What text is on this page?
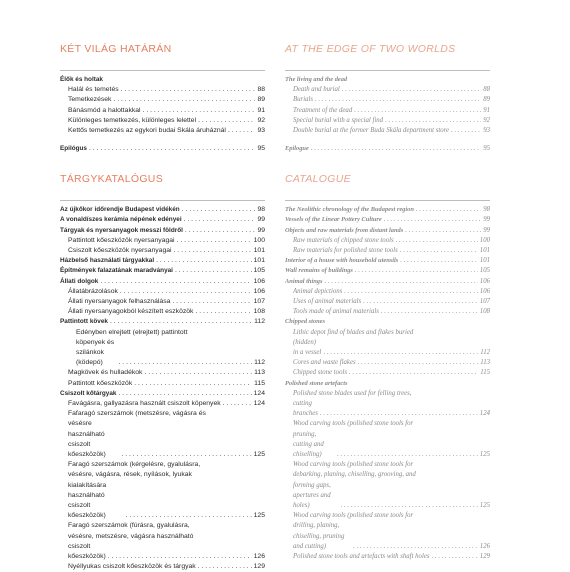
KÉT VILÁG HATÁRÁN
Élők és holtak
Halál és temetés . . .	88
Temetkezések . . .	89
Bánásmód a halottakkal . . .	91
Különleges temetkezés, különleges lelettel . . .	92
Kettős temetkezés az egykori budai Skála áruháznál . . .	93
Epilógus . . .	95
TÁRGYKATALÓGUS
Az újkőkor időrendje Budapest vidékén . . .	98
A vonaldíszes kerámia népének edényei . . .	99
Tárgyak és nyersanyagok messzi földről . . .	99
Pattintott kőeszközök nyersanyagai . . .	100
Csiszolt kőeszközök nyersanyagai . . .	101
Házbelső használati tárgyakkal . . .	101
Építmények falazatának maradványai . . .	105
Állati dolgok . . .	106
Állatábrázolások . . .	106
Állati nyersanyagok felhasználása . . .	107
Állati nyersanyagokból készített eszközök . . .	108
Pattintott kövek . . .	112
Edényben elrejtett (elrejtett) pattintott
köpenyek és szilánkok (ködepó) . . .	112
Magkövek és hulladékok . . .	113
Pattintott kőeszközök . . .	115
Csiszolt kőtárgyak . . .	124
Favágásra, gallyazásra használt csiszolt köpenyek . . .	124
Fafaragó szerszámok (metszésre, vágásra és
vésésre használható csiszolt kőeszközök) . . .	125
Faragó szerszámok (kérgelésre, gyalulásra,
vésésre, vágásra, rések, nyílások, lyukak
kialakítására használható csiszolt kőeszközök) . . .	125
Faragó szerszámok (fúrásra, gyalulásra,
vésésre, metszésre, vágásra használható
csiszolt kőeszközök) . . .	126
Nyéllyukas csiszolt kőeszközök és tárgyak . . .	129
AT THE EDGE OF TWO WORLDS
The living and the dead
Death and burial . . .	88
Burials . . .	89
Treatment of the dead . . .	91
Special burial with a special find . . .	92
Double burial at the former Buda Skála department store . . .	93
Epilogue . . .	95
CATALOGUE
The Neolithic chronology of the Budapest region . . .	98
Vessels of the Linear Pottery Culture . . .	99
Objects and raw materials from distant lands . . .	99
Raw materials of chipped stone tools . . .	100
Raw materials for polished stone tools . . .	101
Interior of a house with household utensils . . .	101
Wall remains of buildings . . .	105
Animal things . . .	106
Animal depictions . . .	106
Uses of animal materials . . .	107
Tools made of animal materials . . .	108
Chipped stones
Lithic depot find of blades and flakes buried
(hidden) in a vessel . . .	112
Cores and waste flakes . . .	113
Chipped stone tools . . .	115
Polished stone artefacts
Polished stone blades used for felling trees,
cutting branches . . .	124
Wood carving tools (polished stone tools for
pruning, cutting and chiselling) . . .	125
Wood carving tools (polished stone tools for
debarking, planing, chiselling, grooving, and
forming gaps, apertures and holes) . . .	125
Wood carving tools (polished stone tools for
drilling, planing, chiselling, pruning and cutting) . . .	126
Polished stone tools and artefacts with shaft holes . . .	129
